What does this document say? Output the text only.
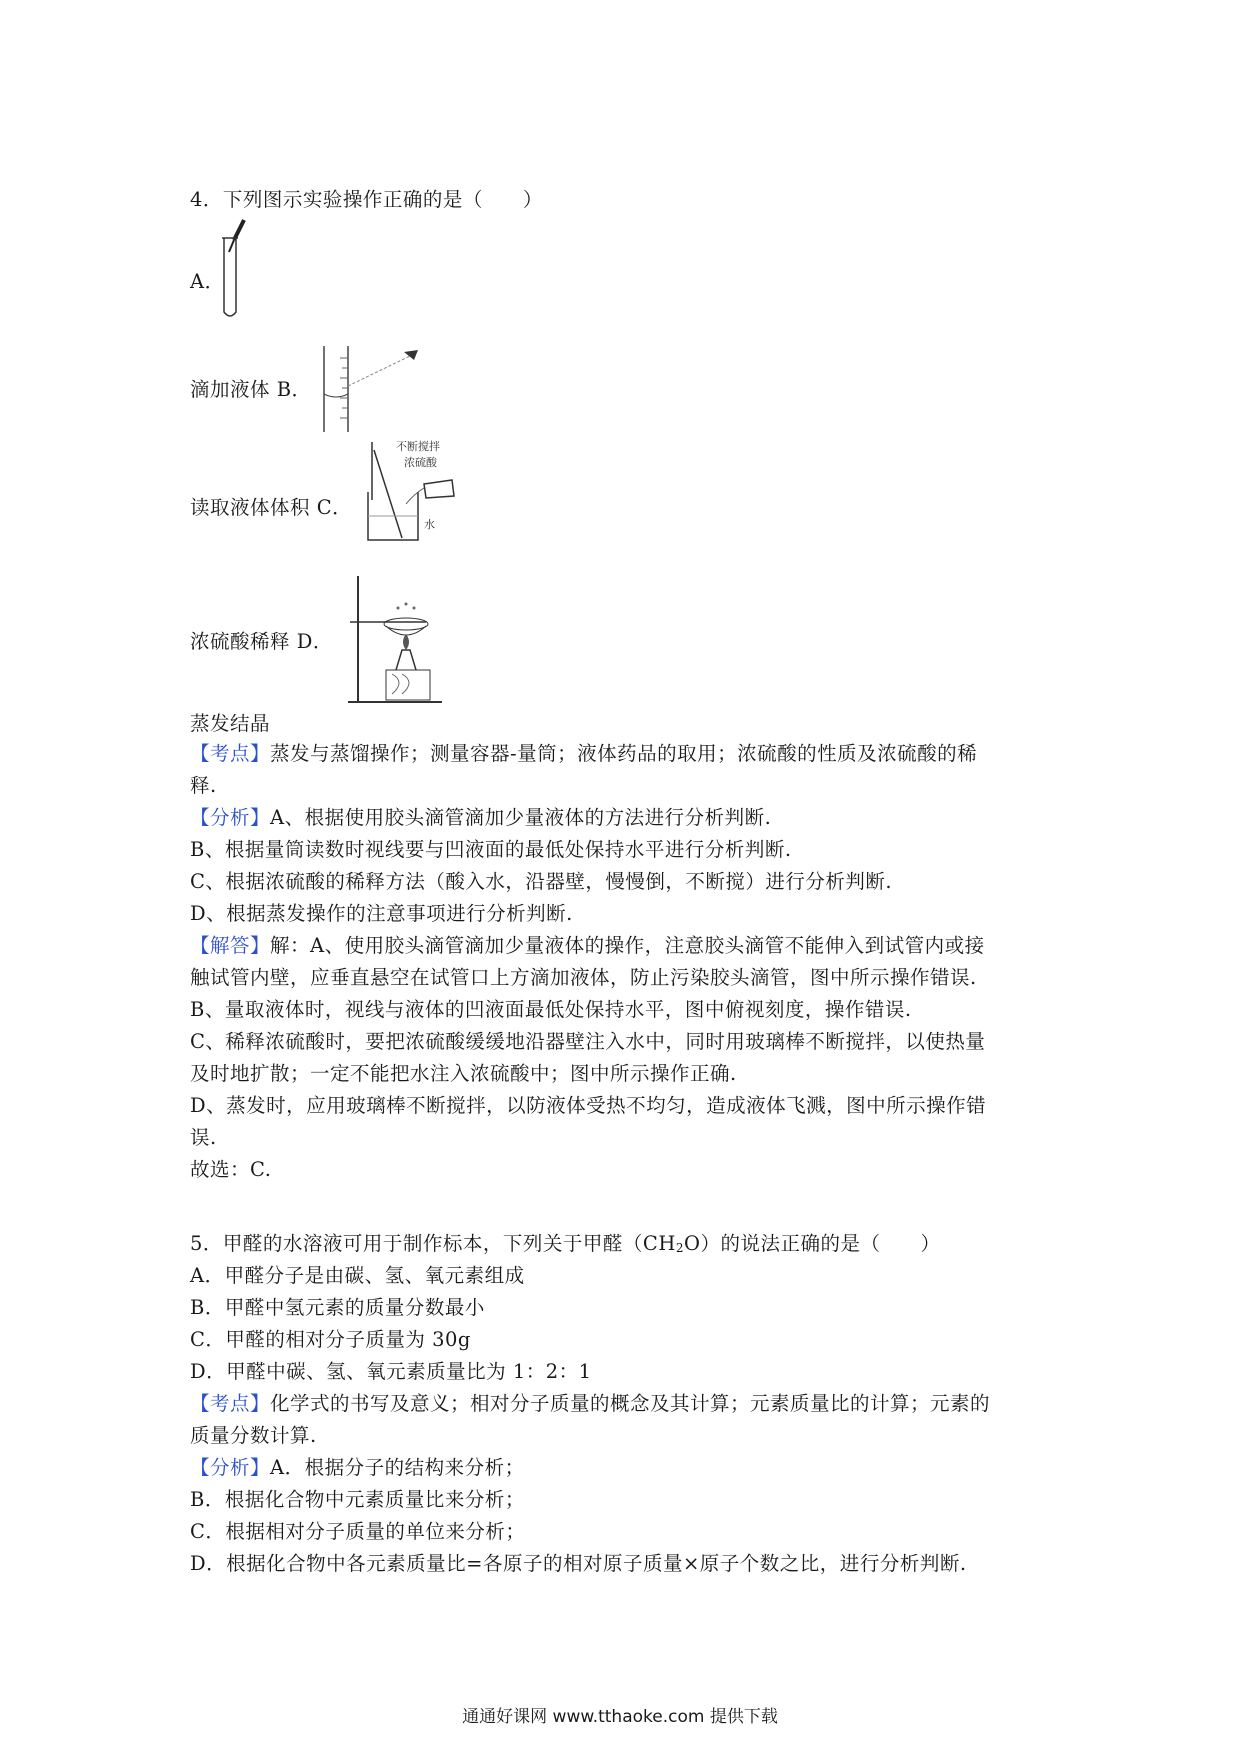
4．下列图示实验操作正确的是（　　）
A．
滴加液体 B．
不断搅拌
浓硫酸
水
读取液体体积 C．
浓硫酸稀释 D．
蒸发结晶
【考点】蒸发与蒸馏操作；测量容器-量筒；液体药品的取用；浓硫酸的性质及浓硫酸的稀
释.
【分析】A、根据使用胶头滴管滴加少量液体的方法进行分析判断.
B、根据量筒读数时视线要与凹液面的最低处保持水平进行分析判断.
C、根据浓硫酸的稀释方法（酸入水，沿器壁，慢慢倒，不断搅）进行分析判断.
D、根据蒸发操作的注意事项进行分析判断.
【解答】解：A、使用胶头滴管滴加少量液体的操作，注意胶头滴管不能伸入到试管内或接
触试管内壁，应垂直悬空在试管口上方滴加液体，防止污染胶头滴管，图中所示操作错误.
B、量取液体时，视线与液体的凹液面最低处保持水平，图中俯视刻度，操作错误.
C、稀释浓硫酸时，要把浓硫酸缓缓地沿器壁注入水中，同时用玻璃棒不断搅拌，以使热量
及时地扩散；一定不能把水注入浓硫酸中；图中所示操作正确.
D、蒸发时，应用玻璃棒不断搅拌，以防液体受热不均匀，造成液体飞溅，图中所示操作错
误.
故选：C.
5．甲醛的水溶液可用于制作标本，下列关于甲醛$(CH_2O)$的说法正确的是（　　）
A．甲醛分子是由碳、氢、氧元素组成
B．甲醛中氢元素的质量分数最小
C．甲醛的相对分子质量为 30g
D．甲醛中碳、氢、氧元素质量比为 1：2：1
【考点】化学式的书写及意义；相对分子质量的概念及其计算；元素质量比的计算；元素的
质量分数计算.
【分析】A．根据分子的结构来分析；
B．根据化合物中元素质量比来分析；
C．根据相对分子质量的单位来分析；
D．根据化合物中各元素质量比=各原子的相对原子质量×原子个数之比，进行分析判断.
通通好课网 www.tthaoke.com 提供下载
